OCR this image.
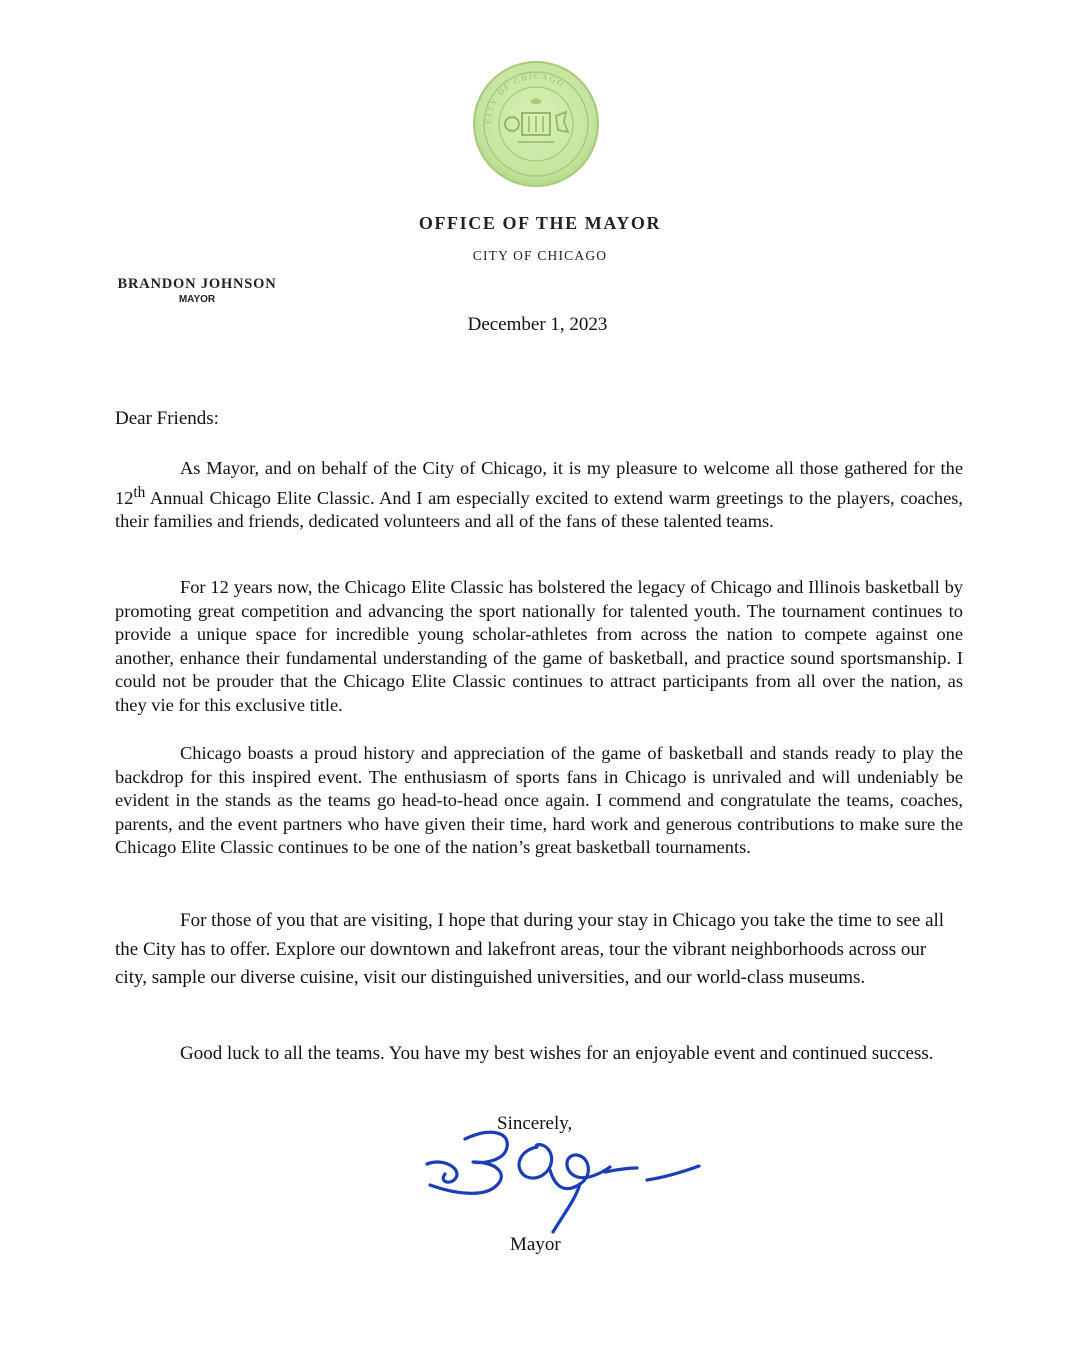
CITY OF CHICAGO
OFFICE OF THE MAYOR
CITY OF CHICAGO
BRANDON JOHNSON
MAYOR
December 1, 2023
Dear Friends:

As Mayor, and on behalf of the City of Chicago, it is my pleasure to welcome all those gathered for the 12th Annual Chicago Elite Classic. And I am especially excited to extend warm greetings to the players, coaches, their families and friends, dedicated volunteers and all of the fans of these talented teams.

For 12 years now, the Chicago Elite Classic has bolstered the legacy of Chicago and Illinois basketball by promoting great competition and advancing the sport nationally for talented youth. The tournament continues to provide a unique space for incredible young scholar-athletes from across the nation to compete against one another, enhance their fundamental understanding of the game of basketball, and practice sound sportsmanship. I could not be prouder that the Chicago Elite Classic continues to attract participants from all over the nation, as they vie for this exclusive title.

Chicago boasts a proud history and appreciation of the game of basketball and stands ready to play the backdrop for this inspired event. The enthusiasm of sports fans in Chicago is unrivaled and will undeniably be evident in the stands as the teams go head-to-head once again. I commend and congratulate the teams, coaches, parents, and the event partners who have given their time, hard work and generous contributions to make sure the Chicago Elite Classic continues to be one of the nation’s great basketball tournaments.

For those of you that are visiting, I hope that during your stay in Chicago you take the time to see all the City has to offer. Explore our downtown and lakefront areas, tour the vibrant neighborhoods across our city, sample our diverse cuisine, visit our distinguished universities, and our world-class museums.

Good luck to all the teams. You have my best wishes for an enjoyable event and continued success.

Sincerely,
Mayor
